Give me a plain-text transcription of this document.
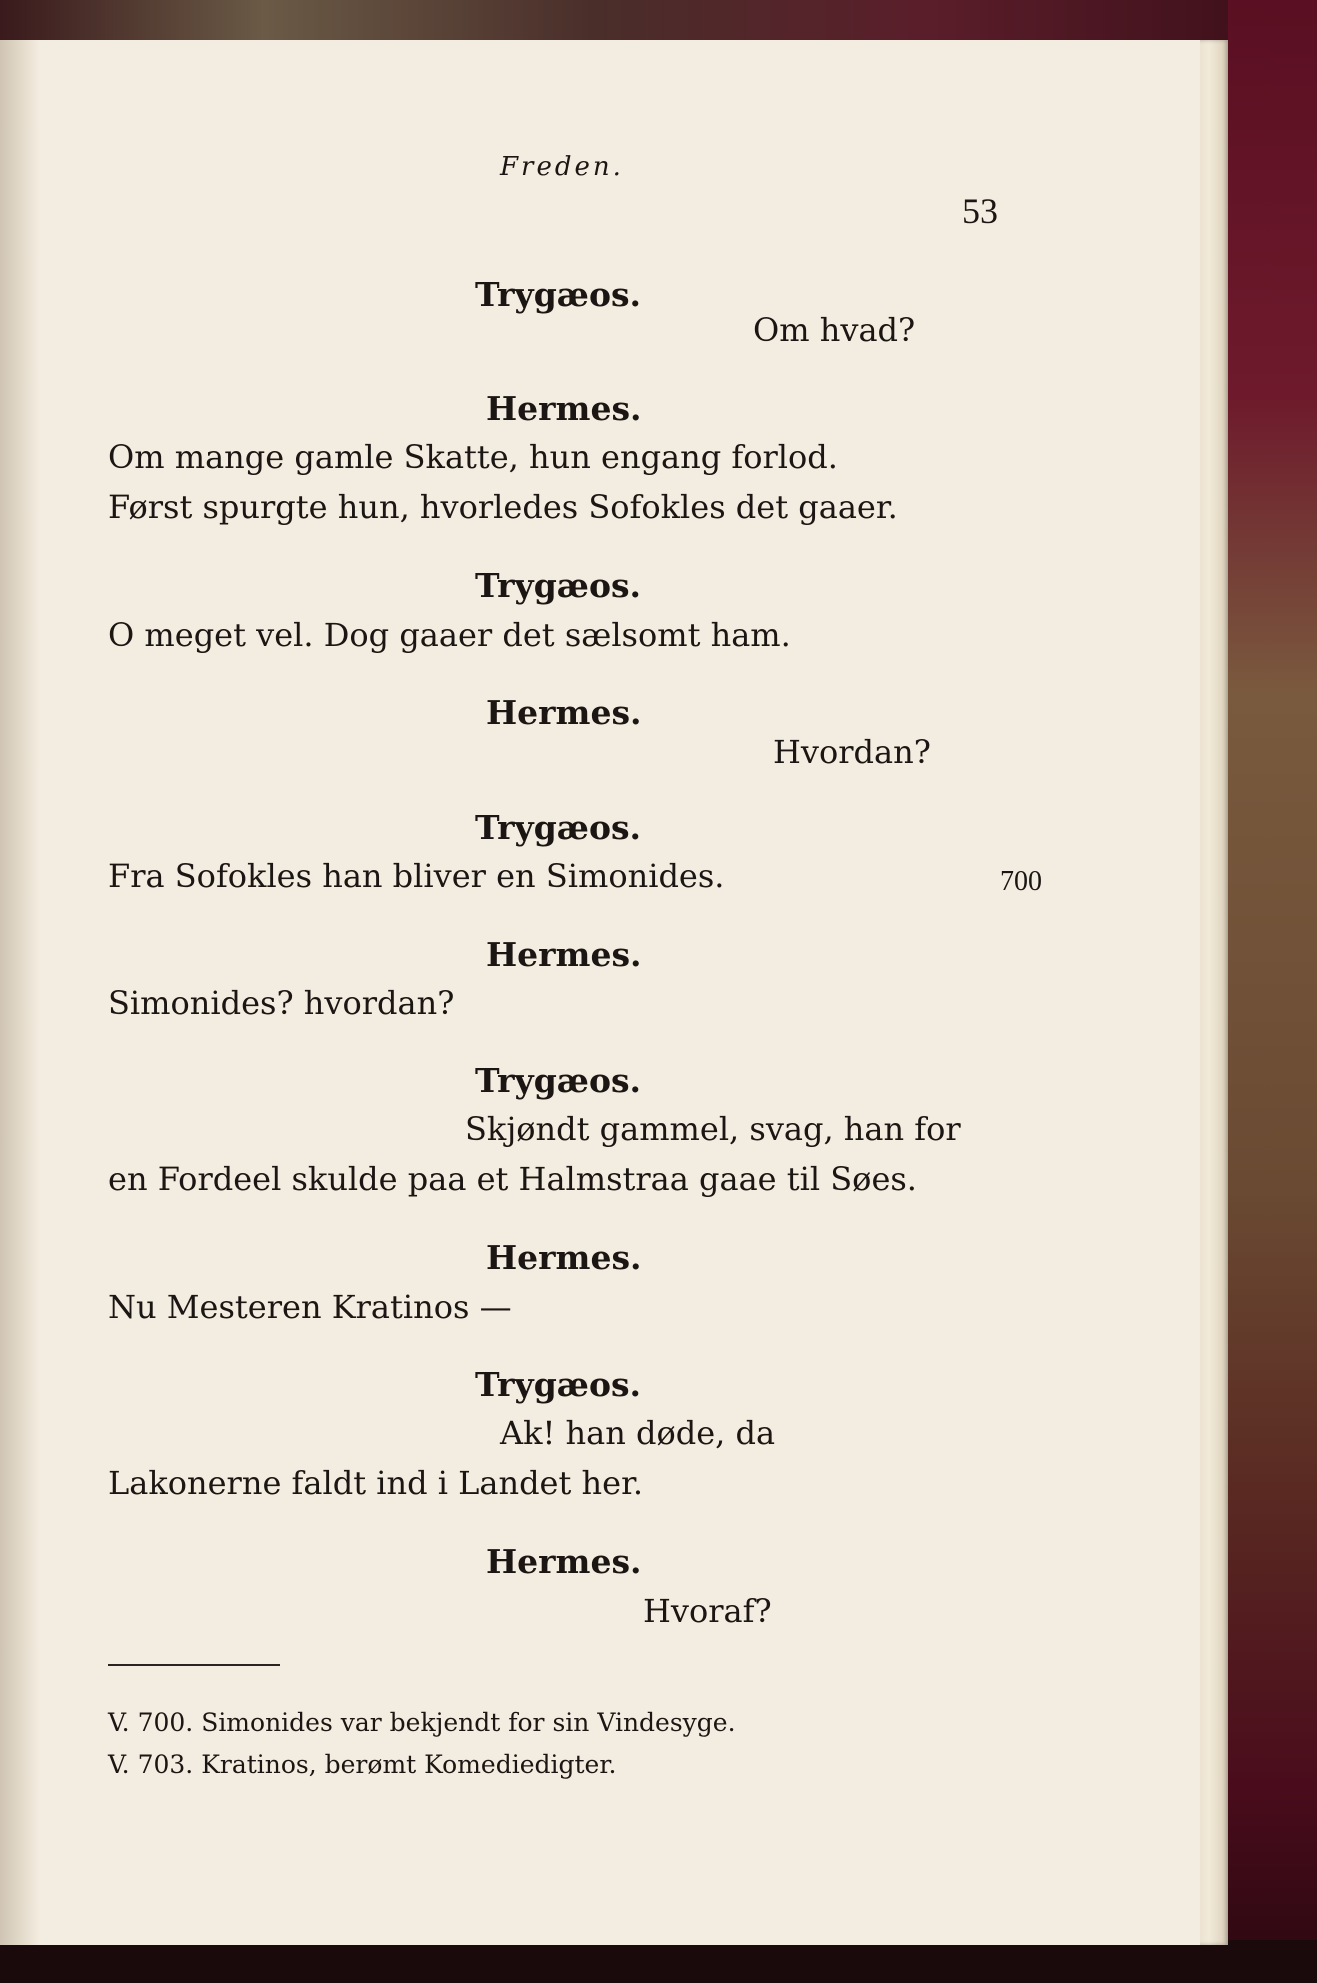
Freden.
53
Trygæos.
Om hvad?
Hermes.
Om mange gamle Skatte, hun engang forlod.
Først spurgte hun, hvorledes Sofokles det gaaer.
Trygæos.
O meget vel. Dog gaaer det sælsomt ham.
Hermes.
Hvordan?
Trygæos.
Fra Sofokles han bliver en Simonides.	700
Hermes.
Simonides? hvordan?
Trygæos.
Skjøndt gammel, svag, han for
en Fordeel skulde paa et Halmstraa gaae til Søes.
Hermes.
Nu Mesteren Kratinos —
Trygæos.
Ak! han døde, da
Lakonerne faldt ind i Landet her.
Hermes.
Hvoraf?
V. 700. Simonides var bekjendt for sin Vindesyge.
V. 703. Kratinos, berømt Komediedigter.
